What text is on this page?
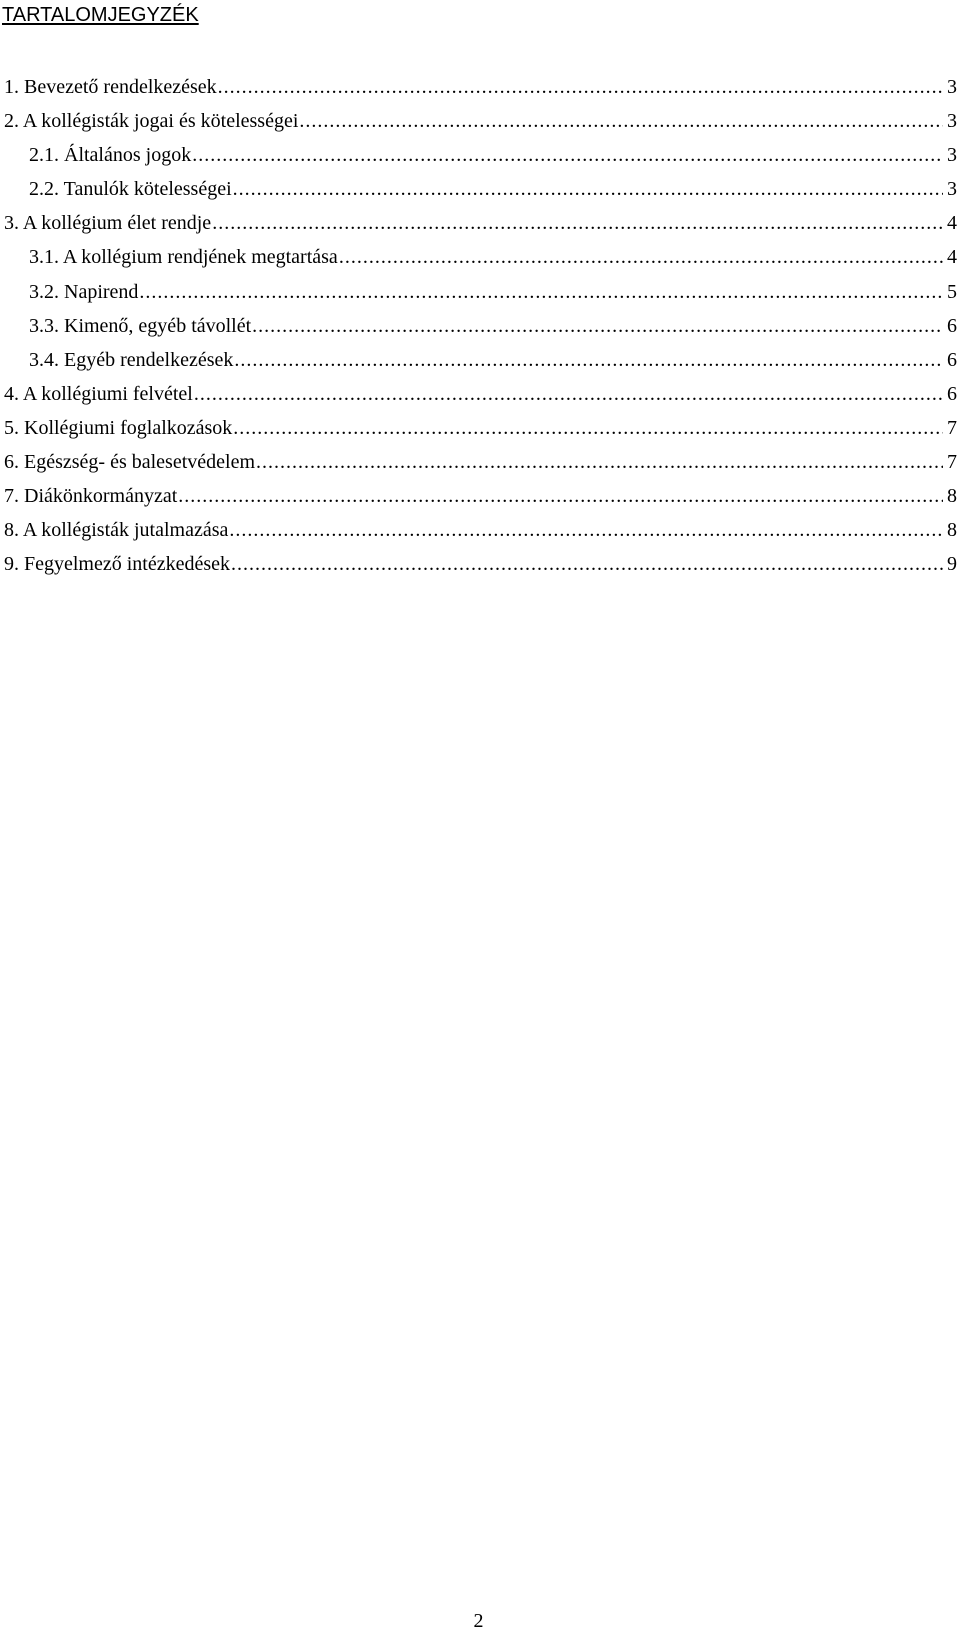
TARTALOMJEGYZÉK
1. Bevezető rendelkezések .....	3
2. A kollégisták jogai és kötelességei .....	3
2.1. Általános jogok .....	3
2.2. Tanulók kötelességei .....	3
3. A kollégium élet rendje .....	4
3.1. A kollégium rendjének megtartása .....	4
3.2. Napirend .....	5
3.3. Kimenő, egyéb távollét .....	6
3.4. Egyéb rendelkezések .....	6
4. A kollégiumi felvétel .....	6
5. Kollégiumi foglalkozások .....	7
6. Egészség- és balesetvédelem .....	7
7. Diákönkormányzat .....	8
8. A kollégisták jutalmazása .....	8
9. Fegyelmező intézkedések .....	9
2
